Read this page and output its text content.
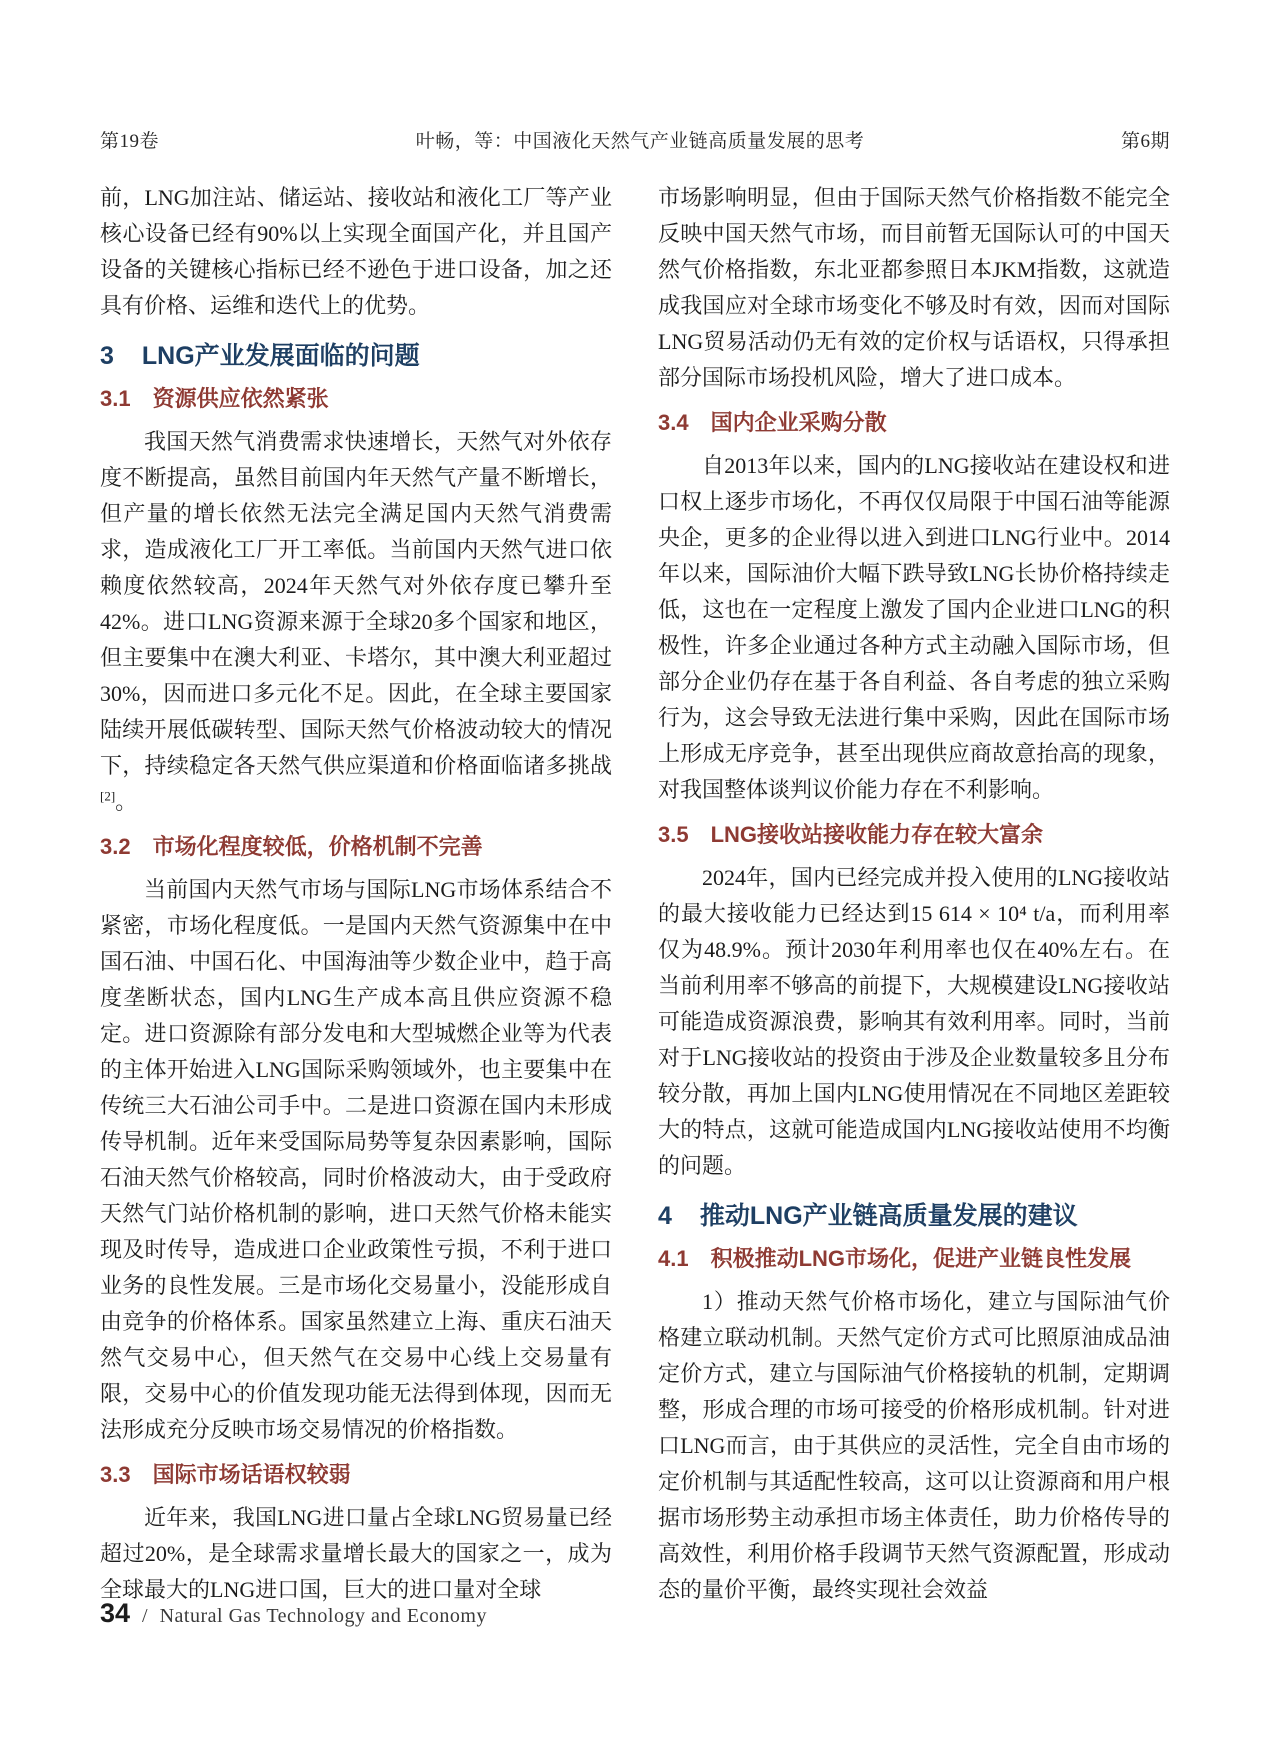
第19卷	叶畅，等：中国液化天然气产业链高质量发展的思考	第6期

前，LNG加注站、储运站、接收站和液化工厂等产业核心设备已经有90%以上实现全面国产化，并且国产设备的关键核心指标已经不逊色于进口设备，加之还具有价格、运维和迭代上的优势。

3 LNG产业发展面临的问题
3.1 资源供应依然紧张

我国天然气消费需求快速增长，天然气对外依存度不断提高，虽然目前国内年天然气产量不断增长，但产量的增长依然无法完全满足国内天然气消费需求，造成液化工厂开工率低。当前国内天然气进口依赖度依然较高，2024年天然气对外依存度已攀升至42%。进口LNG资源来源于全球20多个国家和地区，但主要集中在澳大利亚、卡塔尔，其中澳大利亚超过30%，因而进口多元化不足。因此，在全球主要国家陆续开展低碳转型、国际天然气价格波动较大的情况下，持续稳定各天然气供应渠道和价格面临诸多挑战[2]。

3.2 市场化程度较低，价格机制不完善

当前国内天然气市场与国际LNG市场体系结合不紧密，市场化程度低。一是国内天然气资源集中在中国石油、中国石化、中国海油等少数企业中，趋于高度垄断状态，国内LNG生产成本高且供应资源不稳定。进口资源除有部分发电和大型城燃企业等为代表的主体开始进入LNG国际采购领域外，也主要集中在传统三大石油公司手中。二是进口资源在国内未形成传导机制。近年来受国际局势等复杂因素影响，国际石油天然气价格较高，同时价格波动大，由于受政府天然气门站价格机制的影响，进口天然气价格未能实现及时传导，造成进口企业政策性亏损，不利于进口业务的良性发展。三是市场化交易量小，没能形成自由竞争的价格体系。国家虽然建立上海、重庆石油天然气交易中心，但天然气在交易中心线上交易量有限，交易中心的价值发现功能无法得到体现，因而无法形成充分反映市场交易情况的价格指数。

3.3 国际市场话语权较弱

近年来，我国LNG进口量占全球LNG贸易量已经超过20%，是全球需求量增长最大的国家之一，成为全球最大的LNG进口国，巨大的进口量对全球

市场影响明显，但由于国际天然气价格指数不能完全反映中国天然气市场，而目前暂无国际认可的中国天然气价格指数，东北亚都参照日本JKM指数，这就造成我国应对全球市场变化不够及时有效，因而对国际LNG贸易活动仍无有效的定价权与话语权，只得承担部分国际市场投机风险，增大了进口成本。

3.4 国内企业采购分散

自2013年以来，国内的LNG接收站在建设权和进口权上逐步市场化，不再仅仅局限于中国石油等能源央企，更多的企业得以进入到进口LNG行业中。2014年以来，国际油价大幅下跌导致LNG长协价格持续走低，这也在一定程度上激发了国内企业进口LNG的积极性，许多企业通过各种方式主动融入国际市场，但部分企业仍存在基于各自利益、各自考虑的独立采购行为，这会导致无法进行集中采购，因此在国际市场上形成无序竞争，甚至出现供应商故意抬高的现象，对我国整体谈判议价能力存在不利影响。

3.5 LNG接收站接收能力存在较大富余

2024年，国内已经完成并投入使用的LNG接收站的最大接收能力已经达到15 614 × 10⁴ t/a，而利用率仅为48.9%。预计2030年利用率也仅在40%左右。在当前利用率不够高的前提下，大规模建设LNG接收站可能造成资源浪费，影响其有效利用率。同时，当前对于LNG接收站的投资由于涉及企业数量较多且分布较分散，再加上国内LNG使用情况在不同地区差距较大的特点，这就可能造成国内LNG接收站使用不均衡的问题。

4 推动LNG产业链高质量发展的建议
4.1 积极推动LNG市场化，促进产业链良性发展

1）推动天然气价格市场化，建立与国际油气价格建立联动机制。天然气定价方式可比照原油成品油定价方式，建立与国际油气价格接轨的机制，定期调整，形成合理的市场可接受的价格形成机制。针对进口LNG而言，由于其供应的灵活性，完全自由市场的定价机制与其适配性较高，这可以让资源商和用户根据市场形势主动承担市场主体责任，助力价格传导的高效性，利用价格手段调节天然气资源配置，形成动态的量价平衡，最终实现社会效益

34 / Natural Gas Technology and Economy
